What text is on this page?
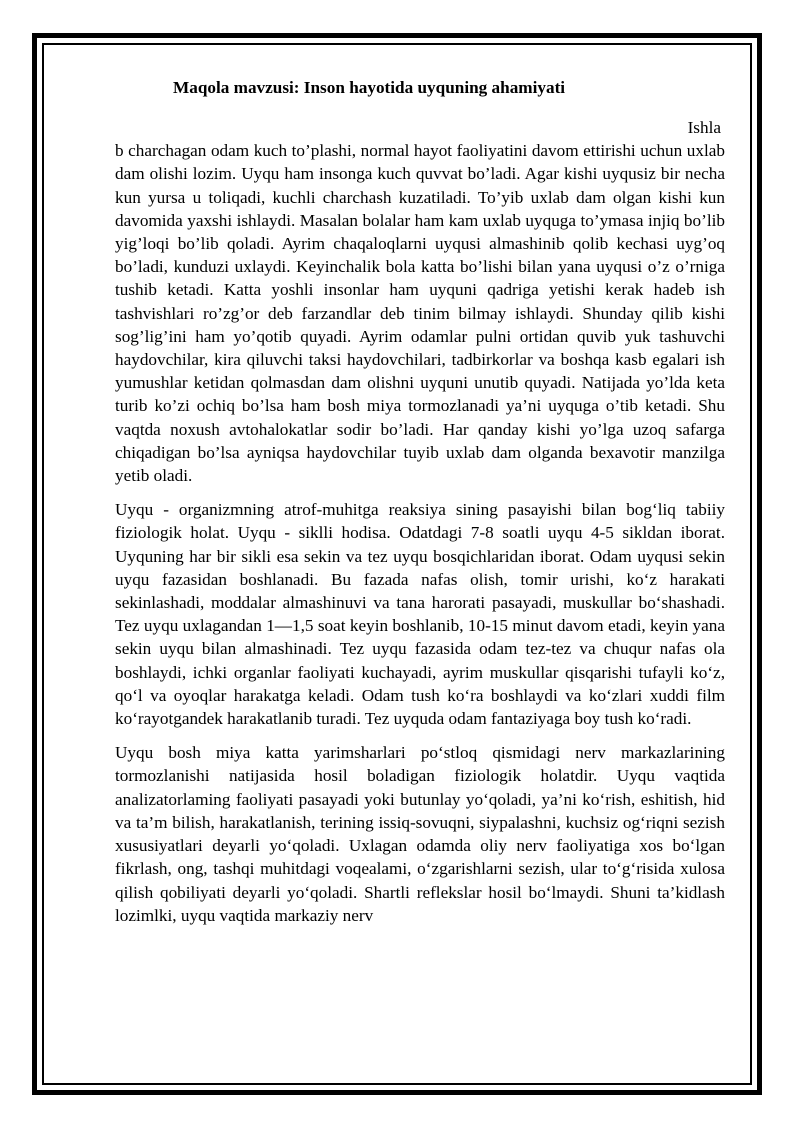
Maqola mavzusi: Inson hayotida uyquning ahamiyati
Ishla

b charchagan odam kuch to’plashi, normal hayot faoliyatini davom ettirishi uchun uxlab dam olishi lozim. Uyqu ham insonga kuch quvvat bo’ladi. Agar kishi uyqusiz bir necha kun yursa u toliqadi, kuchli charchash kuzatiladi. To’yib uxlab dam olgan kishi kun davomida yaxshi ishlaydi. Masalan bolalar ham kam uxlab uyquga to’ymasa injiq bo’lib yig’loqi bo’lib qoladi. Ayrim chaqaloqlarni uyqusi almashinib qolib kechasi uyg’oq bo’ladi, kunduzi uxlaydi. Keyinchalik bola katta bo’lishi bilan yana uyqusi o’z o’rniga tushib ketadi. Katta yoshli insonlar ham uyquni qadriga yetishi kerak hadeb ish tashvishlari ro’zg’or deb farzandlar deb tinim bilmay ishlaydi. Shunday qilib kishi sog’lig’ini ham yo’qotib quyadi. Ayrim odamlar pulni ortidan quvib yuk tashuvchi haydovchilar, kira qiluvchi taksi haydovchilari, tadbirkorlar va boshqa kasb egalari ish yumushlar ketidan qolmasdan dam olishni uyquni unutib quyadi. Natijada yo’lda keta turib ko’zi ochiq bo’lsa ham bosh miya tormozlanadi ya’ni uyquga o’tib ketadi. Shu vaqtda noxush avtohalokatlar sodir bo’ladi. Har qanday kishi yo’lga uzoq safarga chiqadigan bo’lsa ayniqsa haydovchilar tuyib uxlab dam olganda bexavotir manzilga yetib oladi.

Uyqu - organizmning atrof-muhitga reaksiya sining pasayishi bilan bog‘liq tabiiy fiziologik holat. Uyqu - siklli hodisa. Odatdagi 7-8 soatli uyqu 4-5 sikldan iborat. Uyquning har bir sikli esa sekin va tez uyqu bosqichlaridan iborat. Odam uyqusi sekin uyqu fazasidan boshlanadi. Bu fazada nafas olish, tomir urishi, ko‘z harakati sekinlashadi, moddalar almashinuvi va tana harorati pasayadi, muskullar bo‘shashadi. Tez uyqu uxlagandan 1—1,5 soat keyin boshlanib, 10-15 minut davom etadi, keyin yana sekin uyqu bilan almashinadi. Tez uyqu fazasida odam tez-tez va chuqur nafas ola boshlaydi, ichki organlar faoliyati kuchayadi, ayrim muskullar qisqarishi tufayli ko‘z, qo‘l va oyoqlar harakatga keladi. Odam tush ko‘ra boshlaydi va ko‘zlari xuddi film ko‘rayotgandek harakatlanib turadi. Tez uyquda odam fantaziyaga boy tush ko‘radi.

Uyqu bosh miya katta yarimsharlari po‘stloq qismidagi nerv markazlarining tormozlanishi natijasida hosil boladigan fiziologik holatdir. Uyqu vaqtida analizatorlaming faoliyati pasayadi yoki butunlay yo‘qoladi, ya’ni ko‘rish, eshitish, hid va ta’m bilish, harakatlanish, terining issiq-sovuqni, siypalashni, kuchsiz og‘riqni sezish xususiyatlari deyarli yo‘qoladi. Uxlagan odamda oliy nerv faoliyatiga xos bo‘lgan fikrlash, ong, tashqi muhitdagi voqealami, o‘zgarishlarni sezish, ular to‘g‘risida xulosa qilish qobiliyati deyarli yo‘qoladi. Shartli reflekslar hosil bo‘lmaydi. Shuni ta’kidlash lozimlki, uyqu vaqtida markaziy nerv
